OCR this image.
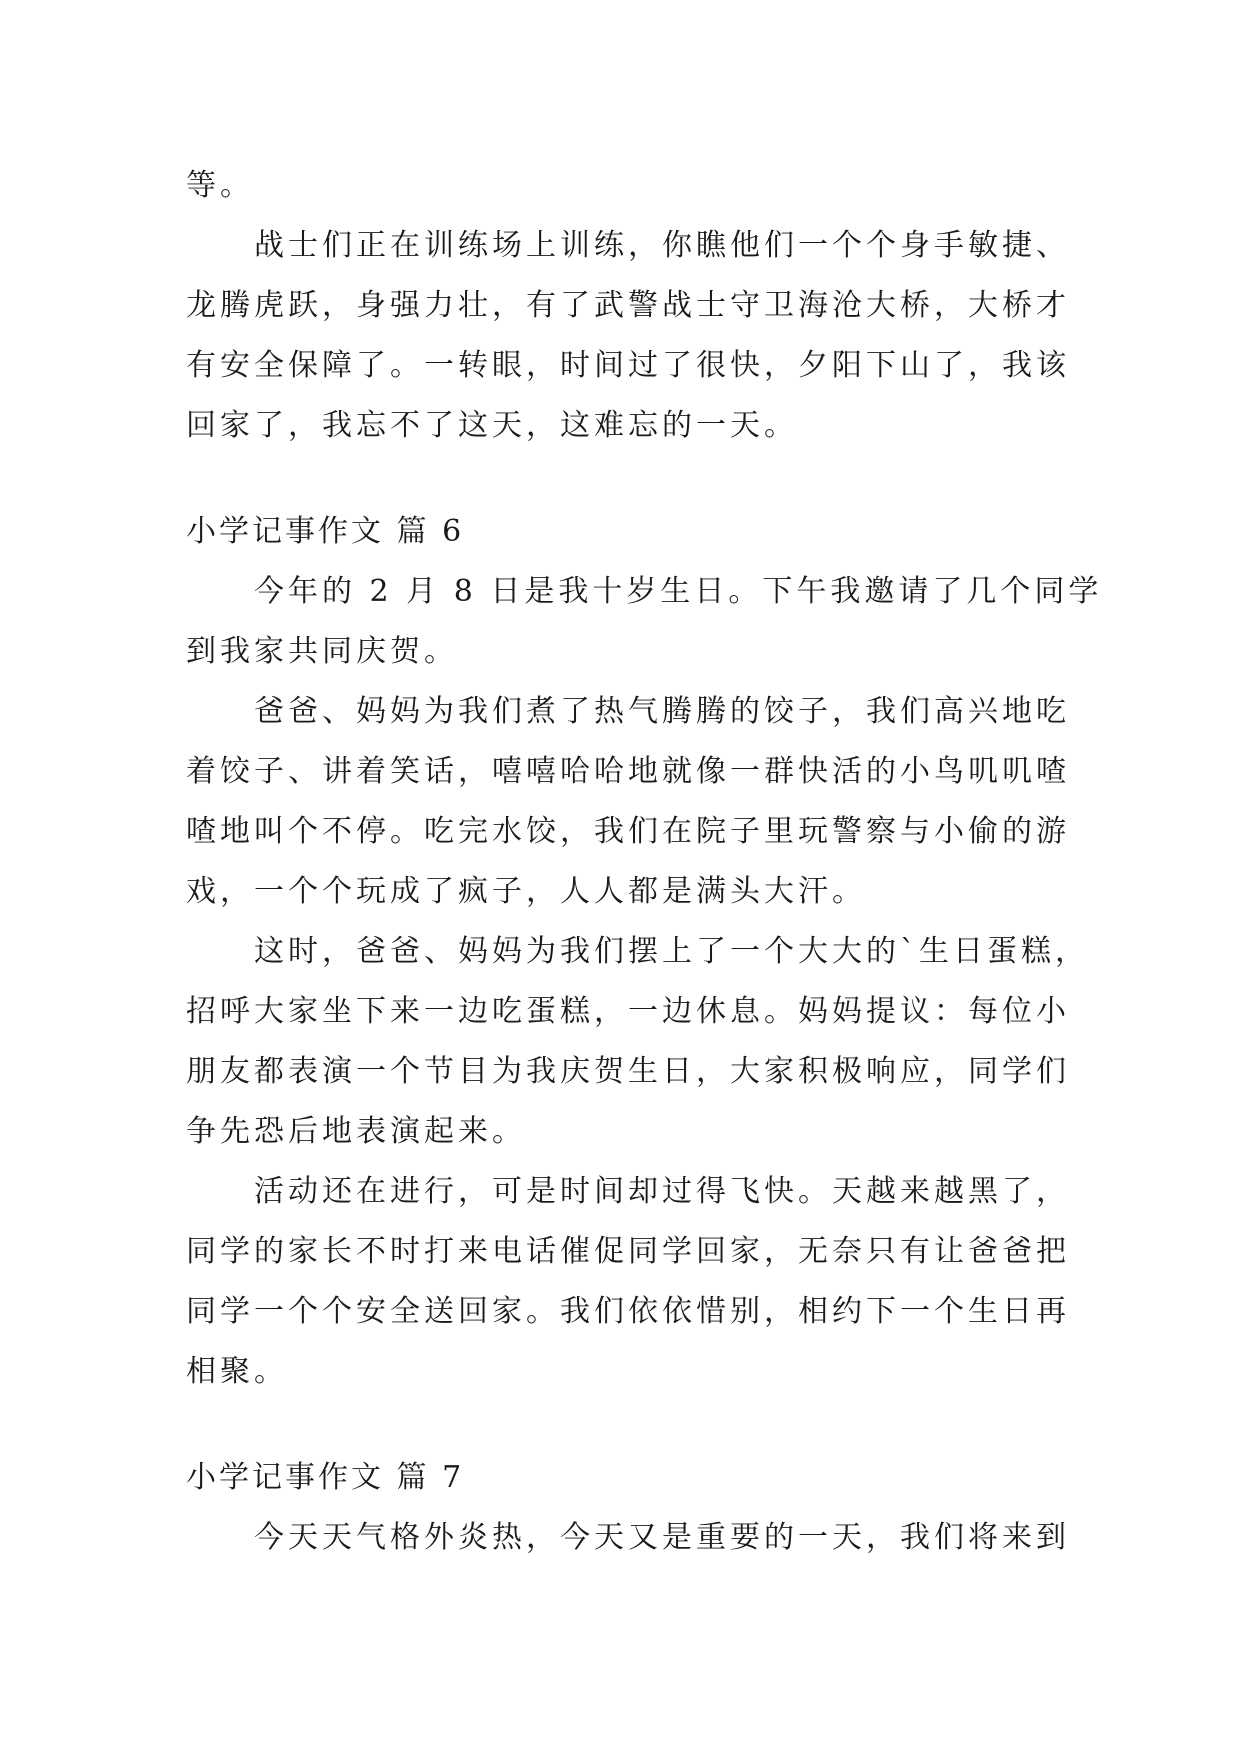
等。
战士们正在训练场上训练，你瞧他们一个个身手敏捷、
龙腾虎跃，身强力壮，有了武警战士守卫海沧大桥，大桥才
有安全保障了。一转眼，时间过了很快，夕阳下山了，我该
回家了，我忘不了这天，这难忘的一天。
小学记事作文 篇 6
今年的 2 月 8 日是我十岁生日。下午我邀请了几个同学
到我家共同庆贺。
爸爸、妈妈为我们煮了热气腾腾的饺子，我们高兴地吃
着饺子、讲着笑话，嘻嘻哈哈地就像一群快活的小鸟叽叽喳
喳地叫个不停。吃完水饺，我们在院子里玩警察与小偷的游
戏，一个个玩成了疯子，人人都是满头大汗。
这时，爸爸、妈妈为我们摆上了一个大大的`生日蛋糕，
招呼大家坐下来一边吃蛋糕，一边休息。妈妈提议：每位小
朋友都表演一个节目为我庆贺生日，大家积极响应，同学们
争先恐后地表演起来。
活动还在进行，可是时间却过得飞快。天越来越黑了，
同学的家长不时打来电话催促同学回家，无奈只有让爸爸把
同学一个个安全送回家。我们依依惜别，相约下一个生日再
相聚。
小学记事作文 篇 7
今天天气格外炎热，今天又是重要的一天，我们将来到
